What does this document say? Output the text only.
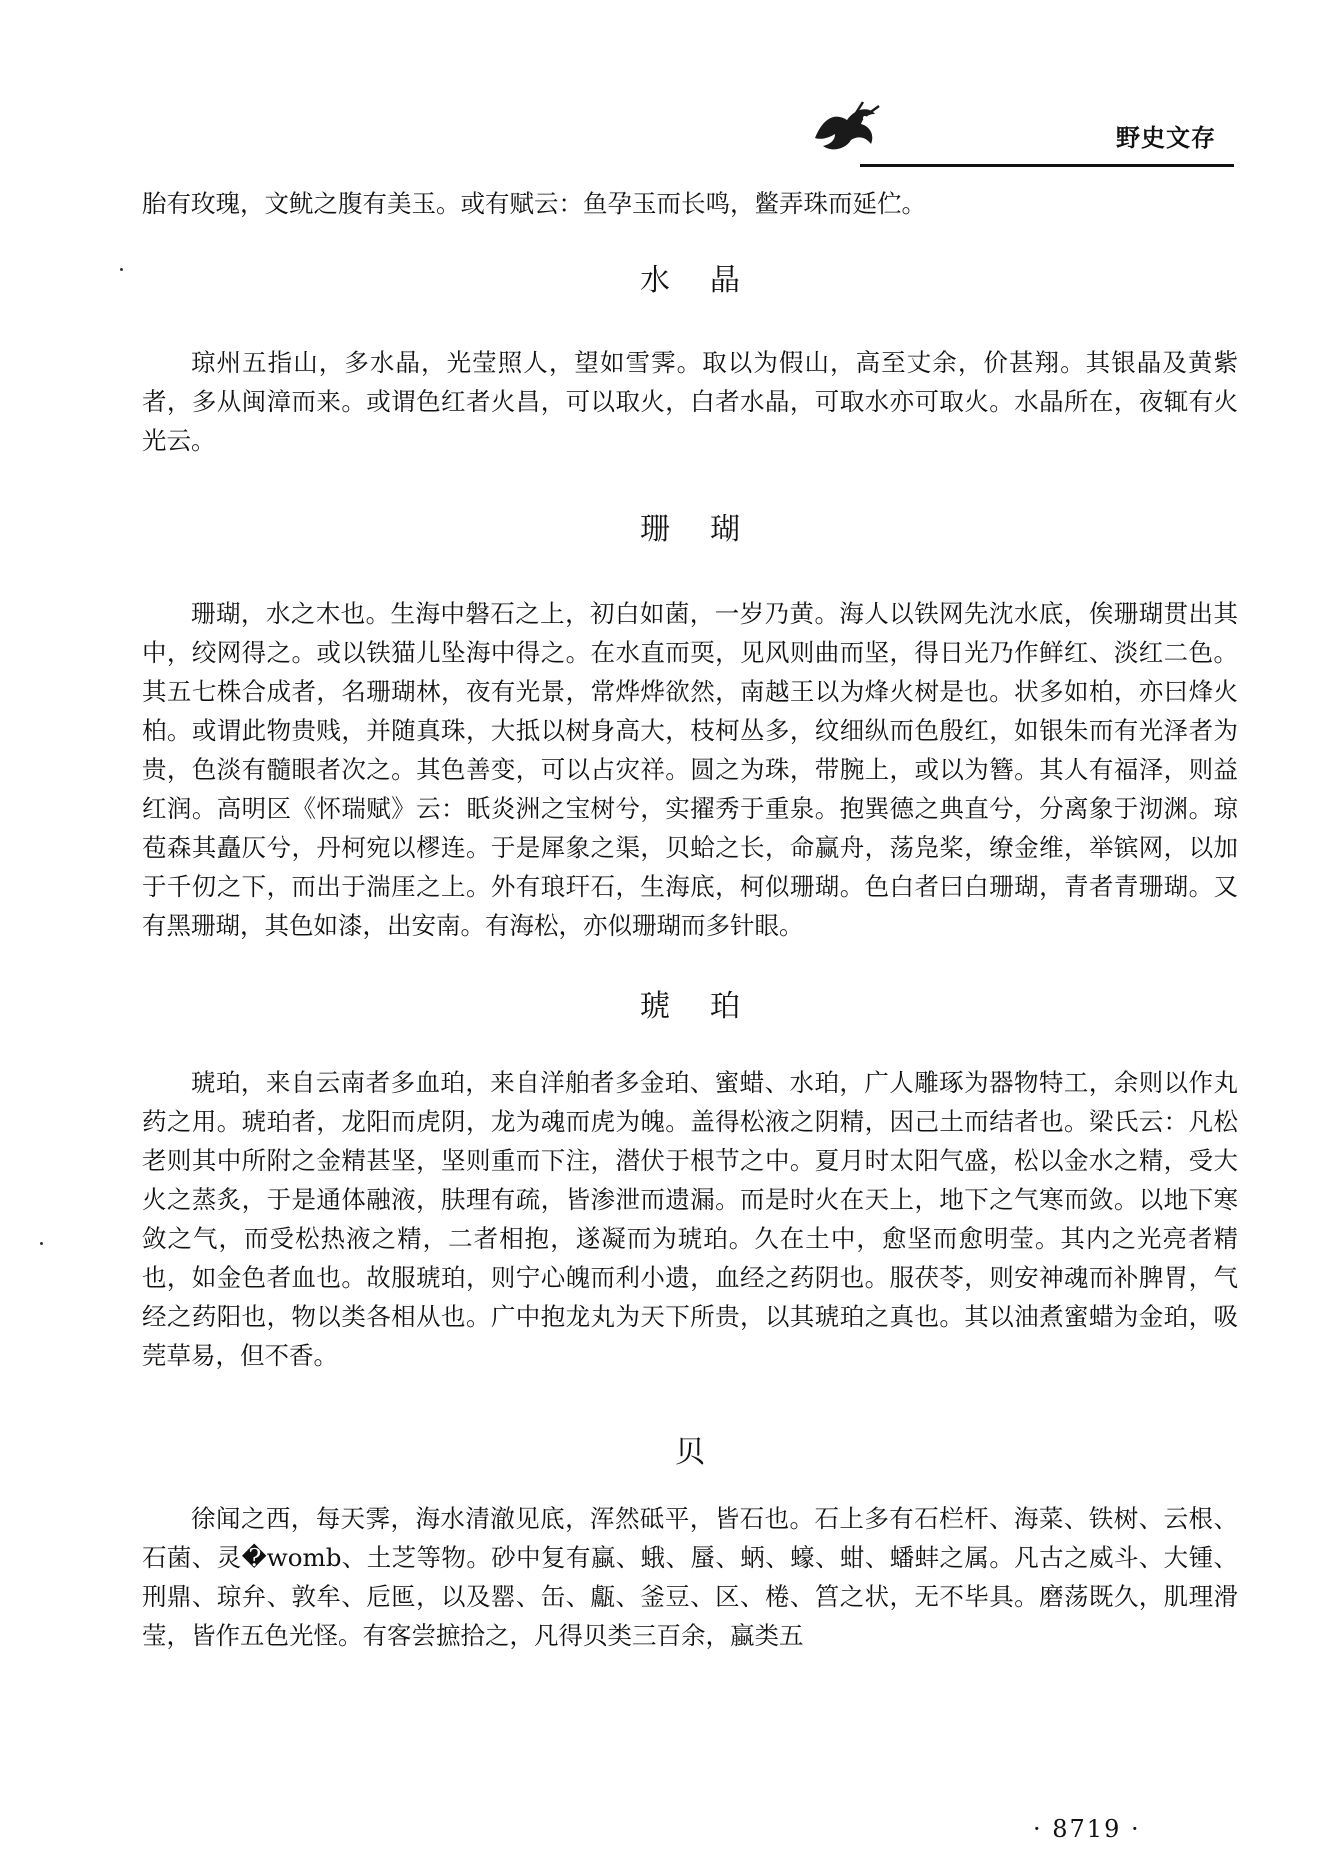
野史文存

胎有玫瑰，文鱿之腹有美玉。或有赋云：鱼孕玉而长鸣，鳖弄珠而延伫。

水晶

琼州五指山，多水晶，光莹照人，望如雪霁。取以为假山，高至丈余，价甚翔。其银晶及黄紫者，多从闽漳而来。或谓色红者火昌，可以取火，白者水晶，可取水亦可取火。水晶所在，夜辄有火光云。

珊瑚

珊瑚，水之木也。生海中磐石之上，初白如菌，一岁乃黄。海人以铁网先沈水底，俟珊瑚贯出其中，绞网得之。或以铁猫儿坠海中得之。在水直而耎，见风则曲而坚，得日光乃作鲜红、淡红二色。其五七株合成者，名珊瑚林，夜有光景，常烨烨欲然，南越王以为烽火树是也。状多如柏，亦曰烽火柏。或谓此物贵贱，并随真珠，大抵以树身高大，枝柯丛多，纹细纵而色殷红，如银朱而有光泽者为贵，色淡有髓眼者次之。其色善变，可以占灾祥。圆之为珠，带腕上，或以为簪。其人有福泽，则益红润。高明区《怀瑞赋》云：眂炎洲之宝树兮，实擢秀于重泉。抱巽德之典直兮，分离象于沏渊。琼苞森其矗仄兮，丹柯宛以樛连。于是犀象之渠，贝蛤之长，命赢舟，荡凫桨，缭金维，举镔网，以加于千仞之下，而出于湍厓之上。外有琅玕石，生海底，柯似珊瑚。色白者曰白珊瑚，青者青珊瑚。又有黑珊瑚，其色如漆，出安南。有海松，亦似珊瑚而多针眼。

琥珀

琥珀，来自云南者多血珀，来自洋舶者多金珀、蜜蜡、水珀，广人雕琢为器物特工，余则以作丸药之用。琥珀者，龙阳而虎阴，龙为魂而虎为魄。盖得松液之阴精，因己土而结者也。梁氏云：凡松老则其中所附之金精甚坚，坚则重而下注，潜伏于根节之中。夏月时太阳气盛，松以金水之精，受大火之蒸炙，于是通体融液，肤理有疏，皆渗泄而遗漏。而是时火在天上，地下之气寒而敛。以地下寒敛之气，而受松热液之精，二者相抱，遂凝而为琥珀。久在土中，愈坚而愈明莹。其内之光亮者精也，如金色者血也。故服琥珀，则宁心魄而利小遗，血经之药阴也。服茯苓，则安神魂而补脾胃，气经之药阳也，物以类各相从也。广中抱龙丸为天下所贵，以其琥珀之真也。其以油煮蜜蜡为金珀，吸莞草易，但不香。

贝

徐闻之西，每天霁，海水清澈见底，浑然砥平，皆石也。石上多有石栏杆、海菜、铁树、云根、石菌、灵�womb、土芝等物。砂中复有蠃、蛾、蜃、蛃、蠔、蚶、蟠蚌之属。凡古之威斗、大锺、刑鼎、琼弁、敦牟、卮匜，以及罂、缶、甗、釜豆、区、棬、筥之状，无不毕具。磨荡既久，肌理滑莹，皆作五色光怪。有客尝摭拾之，凡得贝类三百余，蠃类五

· 8719 ·
